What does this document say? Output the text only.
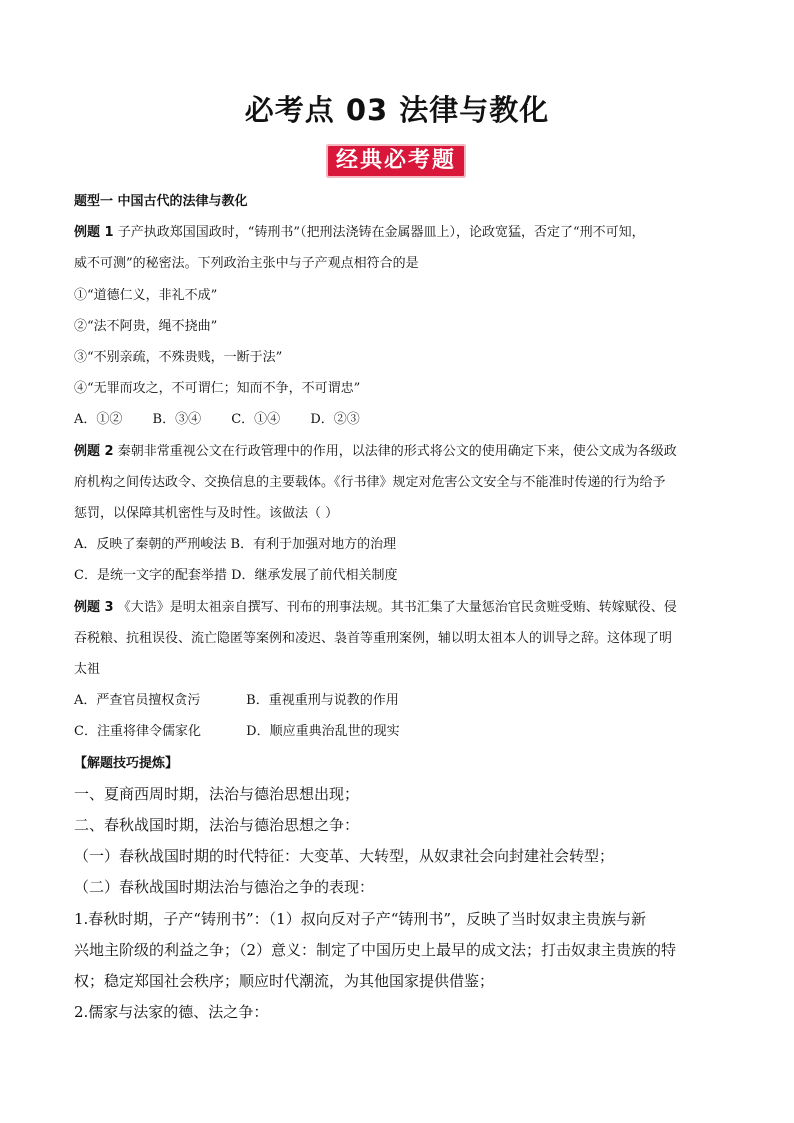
必考点 03 法律与教化
经典必考题
题型一 中国古代的法律与教化
例题 1 子产执政郑国国政时，“铸刑书”（把刑法浇铸在金属器皿上），论政宽猛，否定了“刑不可知，
威不可测”的秘密法。下列政治主张中与子产观点相符合的是
①“道德仁义，非礼不成”
②“法不阿贵，绳不挠曲”
③“不别亲疏，不殊贵贱，一断于法”
④“无罪而攻之，不可谓仁；知而不争，不可谓忠”
A．①② B．③④ C．①④ D．②③
例题 2 秦朝非常重视公文在行政管理中的作用，以法律的形式将公文的使用确定下来，使公文成为各级政
府机构之间传达政令、交换信息的主要载体。《行书律》规定对危害公文安全与不能准时传递的行为给予
惩罚，以保障其机密性与及时性。该做法（ ）
A．反映了秦朝的严刑峻法 B．有利于加强对地方的治理
C．是统一文字的配套举措 D．继承发展了前代相关制度
例题 3 《大诰》是明太祖亲自撰写、刊布的刑事法规。其书汇集了大量惩治官民贪赃受贿、转嫁赋役、侵
吞税粮、抗租误役、流亡隐匿等案例和凌迟、袅首等重刑案例，辅以明太祖本人的训导之辞。这体现了明
太祖
A．严查官员擅权贪污	B．重视重刑与说教的作用
C．注重将律令儒家化	D．顺应重典治乱世的现实
【解题技巧提炼】
一、夏商西周时期，法治与德治思想出现；
二、春秋战国时期，法治与德治思想之争：
（一）春秋战国时期的时代特征：大变革、大转型，从奴隶社会向封建社会转型；
（二）春秋战国时期法治与德治之争的表现：
1.春秋时期，子产“铸刑书”：（1）叔向反对子产“铸刑书”，反映了当时奴隶主贵族与新
兴地主阶级的利益之争；（2）意义：制定了中国历史上最早的成文法；打击奴隶主贵族的特
权；稳定郑国社会秩序；顺应时代潮流，为其他国家提供借鉴；
2.儒家与法家的德、法之争：
